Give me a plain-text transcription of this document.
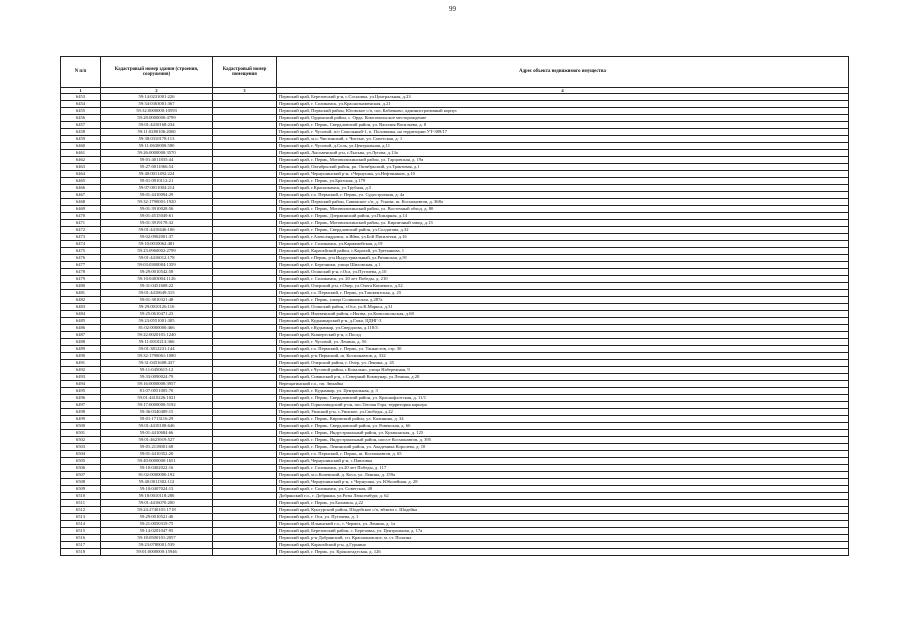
99
N п/п	Кадастровый номер здания (строения, сооружения)	Кадастровый номер помещения	Адрес объекта недвижимого имущества
1	2	3	4
6453	59:14:0231001:226		Пермский край, Березовский р-н, с.Сосновка, ул.Центральная, д.23
6454	59:34:0363001:367		Пермский край, г. Соликамск, ул.Краснознаменская, д.21
6455	59:32:0000000:10593		Пермский край, Пермский район, Юговское с/п, пос.Кабачково, административный корпус
6456	59:28:0000000:4799		Пермский край, Ординский район, с. Орда, Комсомольское месторождение
6457	59:01:4410168:234		Пермский край, г. Пермь, Свердловский район, ул. Василия Васильева, д. 8
6458	59:11:0280106:2060		Пермский край, г. Чусовой, п/о Сокольный-1, п. Половинка, на территории УТ-389/17
6459	59:38:0310178:113		Пермский край, м.о. Чистинский, г. Чистые, ул. Советская, д. 1
6460	59:11:0630000:580		Пермский край, г. Чусовой, д.Соль, ул.Центральная, д.11
6461	59:26:0000000:3570		Пермский край, Лысьвенский р-н, г.Лысьва, ул.Лугова, д.13а
6462	59:01:4011835:44		Пермский край, г. Пермь, Мотовилихинский район, ул. Гарцовская, д. 19а
6463	59:27:0011066:54		Пермский край, Октябрьский район, рп. Октябрьский, ул.Трактовая, д.1
6464	59:40:0011492:224		Пермский край, Чернушинский р-н, г.Чернушка, ул.Нефтяников, д.10
6465	59:01:0910112:21		Пермский край, г. Пермь, ул.Братская, д.179
6466	59:07:0011004:214		Пермский край, г.Краснокамск, ул.Трубная, д.5
6467	59:01:4410094:29		Пермский край, г.о. Пермский, г. Пермь, ул. Судостроения, д. 4а
6468	59:32:1790001:1920		Пермский край, Пермский район, Савинское с/п, д. Ускова, ш. Космонавтов, д. 368а
6469	59:01:3910028:56		Пермский край, г. Пермь, Мотовилихинский район, ул. Восточный обход, д. 80
6470	59:01:4515049:61		Пермский край, г. Пермь, Дзержинский район, ул.Пожарная, д.14
6471	59:01:3919178:32		Пермский край, г. Пермь, Мотовилихинский район, ул. Кирпичный завод, д.13
6472	59:01:4410446:106		Пермский край, г. Пермь, Свердловский район, ул.Солдатова, д.32
6473	59:02:0902001:37		Пермский край, г.Александровск, п.Яйва, ул.Бой Пятилетки, д.16
6474	59:10:0010062:481		Пермский край, г. Соликамск, ул.Кармамейская, д.19
6475	59:23:0960002:2799		Пермский край, Карагайский район, с.Карагай, ул.Третьякова, 1
6476	59:01:4416012:178		Пермский край, г.Пермь, р-н Индустриальный, ул.Рязанская, д.91
6477	59:03:0300084:1359		Пермский край, г. Березники, улица Шиловская, д.1
6478	59:29:0010542:58		Пермский край, Осинский р-н, г.Оса, ул.Пугачева, д.10
6479	59:10:0403004:1126		Пермский край, г. Соликамск, ул. 20 лет Победы, д. 210
6480	59:31:0451608:22		Пермский край, Очерский р-н, г.Очер, ул.Олега Кошевого, д.52
6481	59:01:4410649:315		Пермский край, г.о. Пермский, г. Пермь, ул.Ташкентская, д. 25
6482	59:01:3810321:48		Пермский край, г. Пермь, улица Соликамская, д.287а
6483	59:29:0010126:116		Пермский край, Осинский район, г.Оса, ул.К.Маркса, д.31
6484	59:25:0610471:23		Пермский край, Нытвенский район, г.Нытва, ул.Комсомольская, д.68
6485	59:23:0551001:305		Пермский край, Кудымкарский р-н, д.Гажа, ЦДНГ-3
6486	81:02:0000000:466		Пермский край, г.Кудымкар, ул.Свердлова, д.118/3
6487	59:22:0020101:1240		Пермский край, Кишертский р-н, с.Посад
6488	59:11:0010213:366		Пермский край, г. Чусовой, ул. Ленина, д. 5б
6489	59:01:3812231:144		Пермский край, г.о. Пермский, г. Пермь, ул. Танкистов, стр. 30
6490	59:32:1790061:1080		Пермский край, р-н Пермский, ш. Космонавтов, д. 332
6491	59:31:0451608:437		Пермский край, Очерский район, г. Очер, ул. Ленина, д. 45
6492	59:11:0450615:12		Пермский край, г.Чусовой район, г.Копально, улица Набережная, 9
6493	59:33:0090024:79		Пермский край, Сивинский р-н, с.Северный Коммунар, ул.Ленина, д.20
6494	59:16:0000000:3957		Верещагинский г.о., пп. Зюкайка
6495	81:07:0051005:70		Пермский край, г. Кудымкар, ул. Центральная, д. 3
6496	59:01:4410226:1021		Пермский край, г. Пермь, Свердловский район, ул. Краснофлотская, д. 11/1
6497	59:17:0000000:5192		Пермский край, Горнозаводский р-он, пос.Теплая Гора, территория карьера
6498	59:36:0340409:15		Пермский край, Уинский р-н, с.Уинское, ул.Свободы, д.22
6499	59:01:1713116:29		Пермский край, г. Пермь, Кировский район, ул. Калинина, д. 34
6500	59:01:4410108:646		Пермский край, г. Пермь, Свердловский район, ул. Ровенская, д. 66
6501	59:01:4410684:66		Пермский край, г. Пермь, Индустриальный район, ул. Кулаконская, д. 125
6502	59:01:4623919:527		Пермский край, г. Пермь, Индустриальный район, шоссе Космонавтов, д. 395
6503	59:01:2118001:68		Пермский край, г. Пермь, Ленинский район, ул. Академика Королева, д. 10
6504	59:01:4410352:20		Пермский край, г.о. Пермский, г. Пермь, ш. Космонавтов, д. 65
6505	59:40:0000000:1651		Пермский край, Чернушинский р-н, с.Павловка
6506	59:10:0402022:16		Пермский край, г. Соликамск, ул.20 лет Победы, д. 117
6507	81:02:0000000:192		Пермский край, м.о.Кочевский, д. Коса, ул. Ленина, д. 159а
6508	59:40:0011302:112		Пермский край, Чернушинский р-н, г. Чернушка, ул. Юбилейная, д. 28
6509	59:10:0407024:13		Пермский край, г. Соликамск, ул. Советская, 48
6510	59:18:0010118:286		Добрянский г.о., г. Добрянка, ул.Розы Люксембург, д. 62
6511	59:01:4416070:200		Пермский край, г. Пермь, ул.Балмаша, д.22
6512	59:24:2740101:1718		Пермский край, Кунгурский район, Шадейское с/п, вблизи с. Шадейка
6513	59:29:0010521:46		Пермский край, г. Оса, ул. Пугачева, д. 1
6514	59:21:0050319:75		Пермский край, Ильинский г.о., г. Чермоз, ул. Ленина, д. 1а
6515	59:14:0201047:95		Пермский край, Березовский район, с. Березовка, ул. Центральная, д. 17а
6516	59:18:0500101:2057		Пермский край, р-н Добрянский, г.п. Краснокамское, м. ст. Полазна
6517	59:23:0780001:539		Пермский край, Карагайский р-н, д.Гурнино
6518	59:01:0000000:15946		Пермский край, г. Пермь, ул. Кронштадтская, д. 126
